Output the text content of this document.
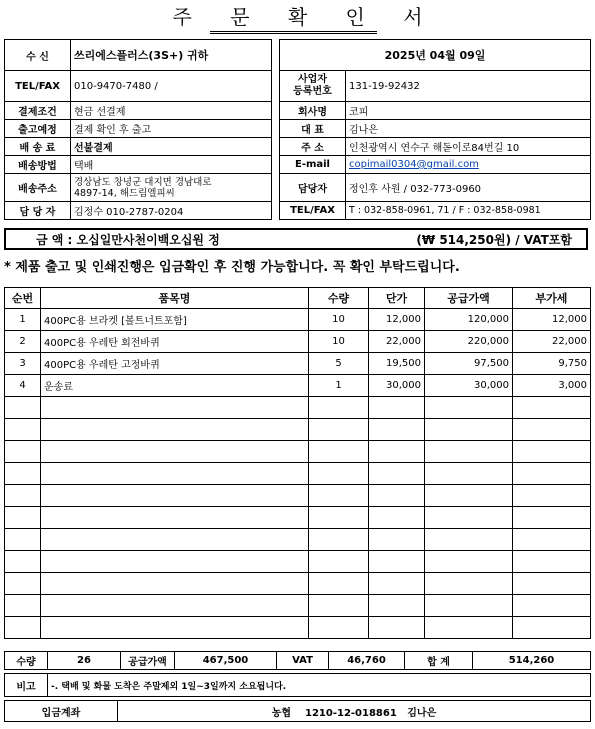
주 문 확 인 서
수 신	쓰리에스플러스(3S+) 귀하
TEL/FAX	010-9470-7480 /
결제조건	현금 선결제
출고예정	결제 확인 후 출고
배 송 료	선불결제
배송방법	택배
배송주소	경상남도 창녕군 대지면 경남대로
4897-14, 해드림엘피씨

담 당 자	김정수 010-2787-0204
2025년 04월 09일	

사업자
등록번호	131-19-92432
회사명	코피
대 표	김나은
주 소	인천광역시 연수구 해돋이로84번길 10
E-mail	copimail0304@gmail.com
담당자	정인후 사원 / 032-773-0960
TEL/FAX	T : 032-858-0961, 71 / F : 032-858-0981
금 액 : 오십일만사천이백오십원 정	(₩ 514,250원) / VAT포함
* 제품 출고 및 인쇄진행은 입금확인 후 진행 가능합니다. 꼭 확인 부탁드립니다.
순번	품목명	수량	단가	공급가액	부가세
1	400PC용 브라켓 [볼트너트포함]	10	12,000	120,000	12,000
2	400PC용 우레탄 회전바퀴	10	22,000	220,000	22,000
3	400PC용 우레탄 고정바퀴	5	19,500	97,500	9,750
4	운송료	1	30,000	30,000	3,000

수량	26	공급가액	467,500	VAT	46,760	합 계	514,260
비고	-. 택배 및 화물 도착은 주말제외 1일~3일까지 소요됩니다.
입금계좌	농협    1210-12-018861   김나은
